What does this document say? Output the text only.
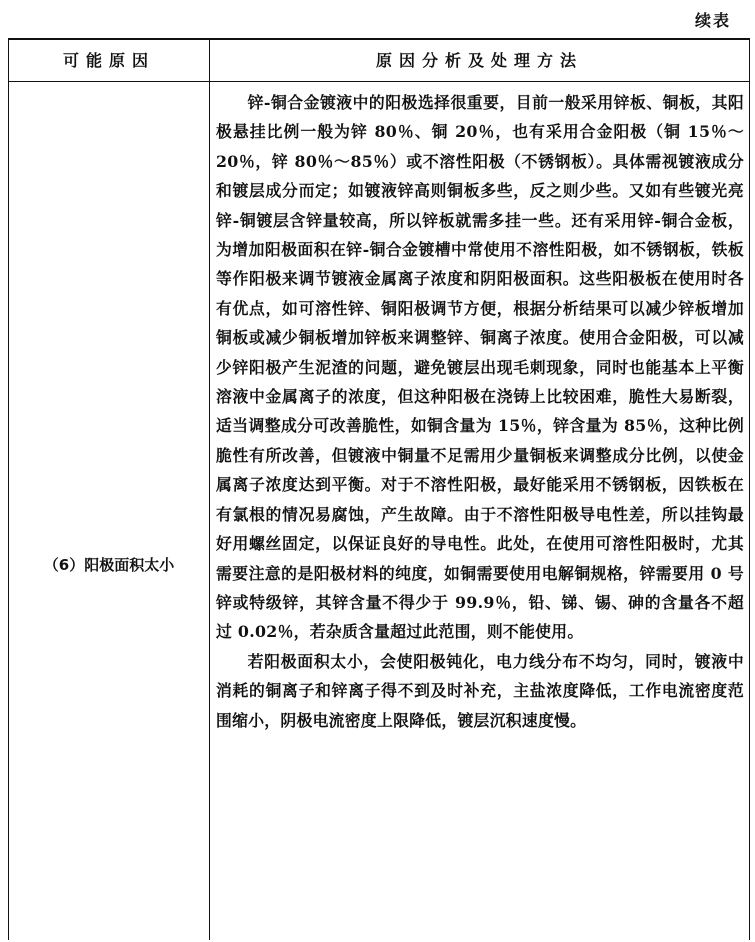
续表
可能原因	原因分析及处理方法
（6）阳极面积太小

锌-铜合金镀液中的阳极选择很重要，目前一般采用锌板、铜板，其阳极悬挂比例一般为锌 80％、铜 20％，也有采用合金阳极（铜 15％～20％，锌 80％～85％）或不溶性阳极（不锈钢板）。具体需视镀液成分和镀层成分而定；如镀液锌高则铜板多些，反之则少些。又如有些镀光亮锌-铜镀层含锌量较高，所以锌板就需多挂一些。还有采用锌-铜合金板，为增加阳极面积在锌-铜合金镀槽中常使用不溶性阳极，如不锈钢板，铁板等作阳极来调节镀液金属离子浓度和阴阳极面积。这些阳极板在使用时各有优点，如可溶性锌、铜阳极调节方便，根据分析结果可以减少锌板增加铜板或减少铜板增加锌板来调整锌、铜离子浓度。使用合金阳极，可以减少锌阳极产生泥渣的问题，避免镀层出现毛刺现象，同时也能基本上平衡溶液中金属离子的浓度，但这种阳极在浇铸上比较困难，脆性大易断裂，适当调整成分可改善脆性，如铜含量为 15％，锌含量为 85％，这种比例脆性有所改善，但镀液中铜量不足需用少量铜板来调整成分比例，以使金属离子浓度达到平衡。对于不溶性阳极，最好能采用不锈钢板，因铁板在有氯根的情况易腐蚀，产生故障。由于不溶性阳极导电性差，所以挂钩最好用螺丝固定，以保证良好的导电性。此处，在使用可溶性阳极时，尤其需要注意的是阳极材料的纯度，如铜需要使用电解铜规格，锌需要用 0 号锌或特级锌，其锌含量不得少于 99.9％，铅、锑、锡、砷的含量各不超过 0.02％，若杂质含量超过此范围，则不能使用。

若阳极面积太小，会使阳极钝化，电力线分布不均匀，同时，镀液中消耗的铜离子和锌离子得不到及时补充，主盐浓度降低，工作电流密度范围缩小，阴极电流密度上限降低，镀层沉积速度慢。
